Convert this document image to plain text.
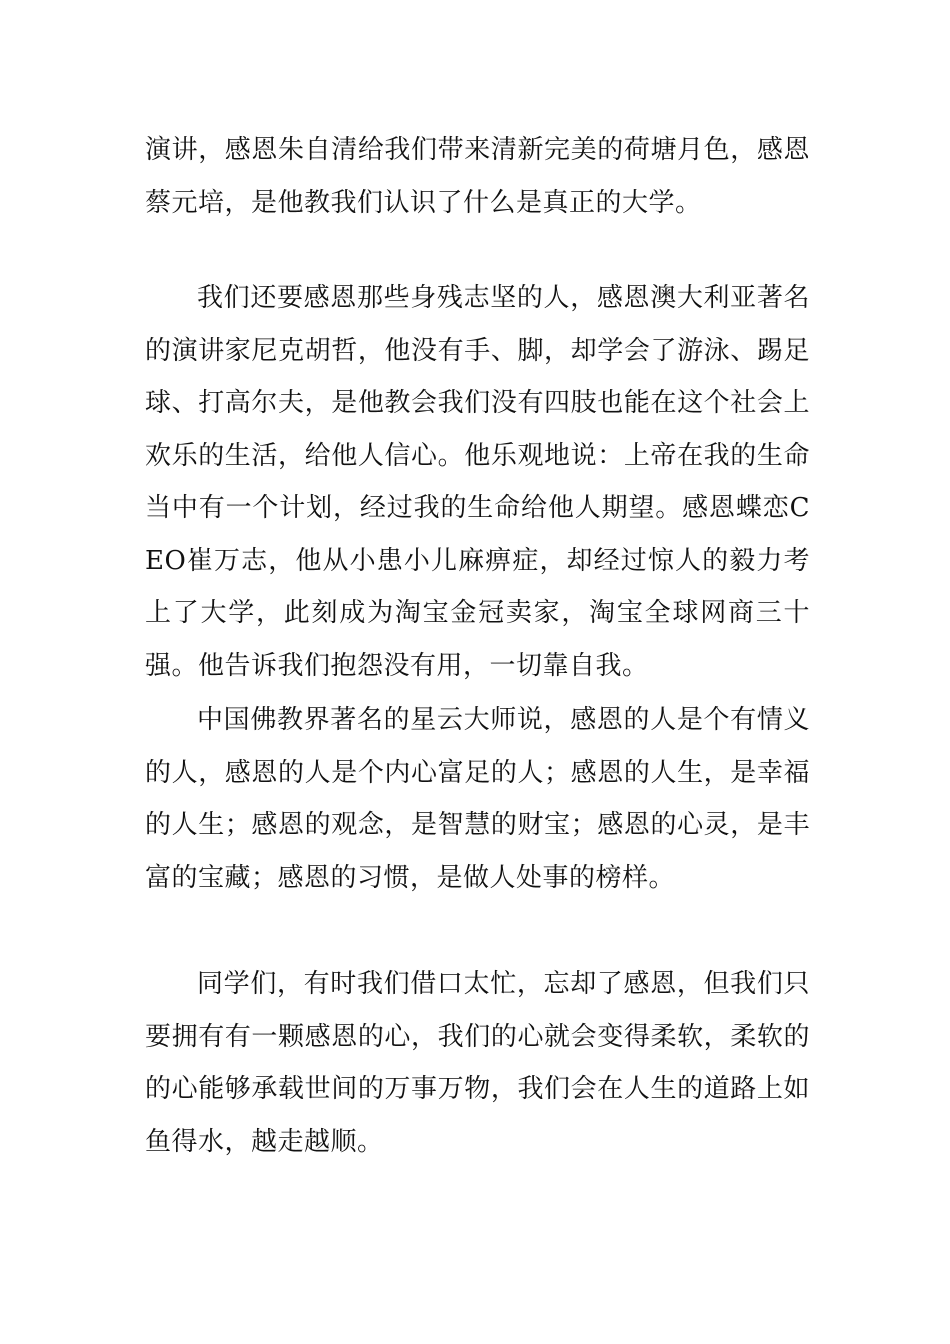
演讲，感恩朱自清给我们带来清新完美的荷塘月色，感恩蔡元培，是他教我们认识了什么是真正的大学。

我们还要感恩那些身残志坚的人，感恩澳大利亚著名的演讲家尼克胡哲，他没有手、脚，却学会了游泳、踢足球、打高尔夫，是他教会我们没有四肢也能在这个社会上欢乐的生活，给他人信心。他乐观地说：上帝在我的生命当中有一个计划，经过我的生命给他人期望。感恩蝶恋CEO崔万志，他从小患小儿麻痹症，却经过惊人的毅力考上了大学，此刻成为淘宝金冠卖家，淘宝全球网商三十强。他告诉我们抱怨没有用，一切靠自我。

中国佛教界著名的星云大师说，感恩的人是个有情义的人，感恩的人是个内心富足的人；感恩的人生，是幸福的人生；感恩的观念，是智慧的财宝；感恩的心灵，是丰富的宝藏；感恩的习惯，是做人处事的榜样。

同学们，有时我们借口太忙，忘却了感恩，但我们只要拥有有一颗感恩的心，我们的心就会变得柔软，柔软的的心能够承载世间的万事万物，我们会在人生的道路上如鱼得水，越走越顺。
